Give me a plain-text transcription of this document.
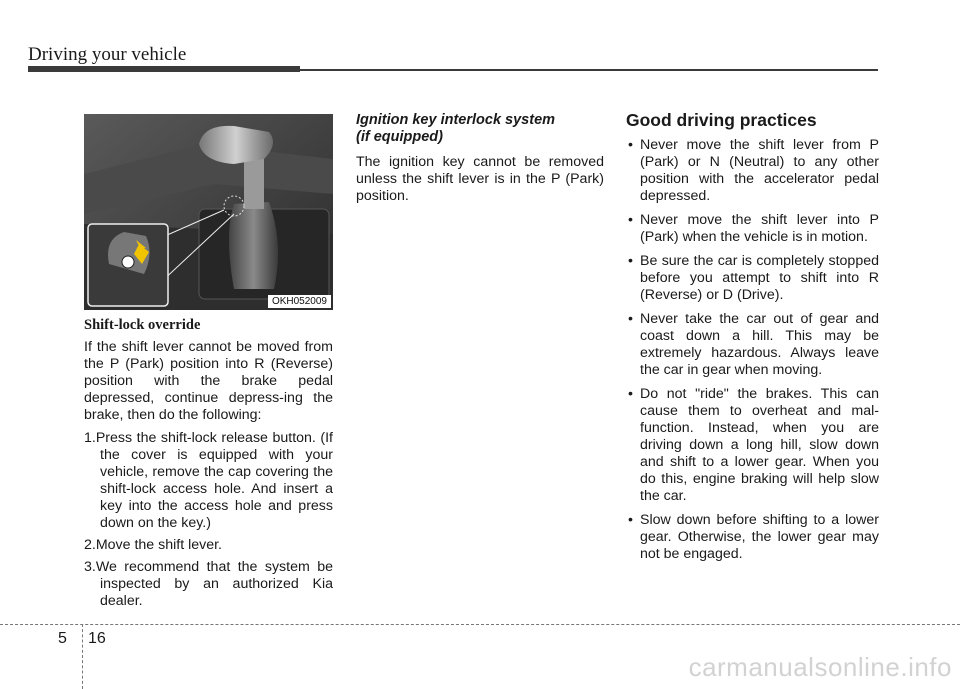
Driving your vehicle
OKH052009
Shift-lock override

If the shift lever cannot be moved from the P (Park) position into R (Reverse) position with the brake pedal depressed, continue depress-ing the brake, then do the following:

1.Press the shift-lock release button. (If the cover is equipped with your vehicle, remove the cap covering the shift-lock access hole. And insert a key into the access hole and press down on the key.)
2.Move the shift lever.
3.We recommend that the system be inspected by an authorized Kia dealer.
Ignition key interlock system
(if equipped)

The ignition key cannot be removed unless the shift lever is in the P (Park) position.

Good driving practices
• Never move the shift lever from P (Park) or N (Neutral) to any other position with the accelerator pedal depressed.
• Never move the shift lever into P (Park) when the vehicle is in motion.
• Be sure the car is completely stopped before you attempt to shift into R (Reverse) or D (Drive).
• Never take the car out of gear and coast down a hill. This may be extremely hazardous. Always leave the car in gear when moving.
• Do not "ride" the brakes. This can cause them to overheat and mal-function. Instead, when you are driving down a long hill, slow down and shift to a lower gear. When you do this, engine braking will help slow the car.
• Slow down before shifting to a lower gear. Otherwise, the lower gear may not be engaged.
5 16
carmanualsonline.info
